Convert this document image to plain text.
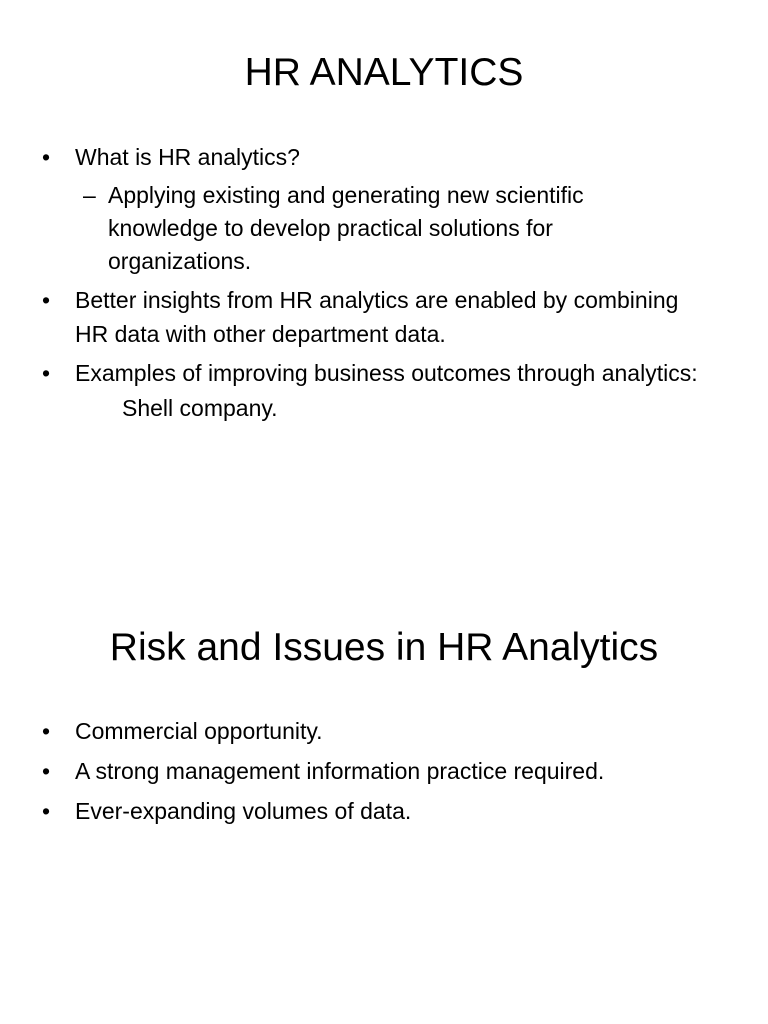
HR ANALYTICS
• What is HR analytics?
– Applying existing and generating new scientific knowledge to develop practical solutions for organizations.
• Better insights from HR analytics are enabled by combining HR data with other department data.
• Examples of improving business outcomes through analytics:
Shell company.
Risk and Issues in HR Analytics
• Commercial opportunity.
• A strong management information practice required.
• Ever-expanding volumes of data.
